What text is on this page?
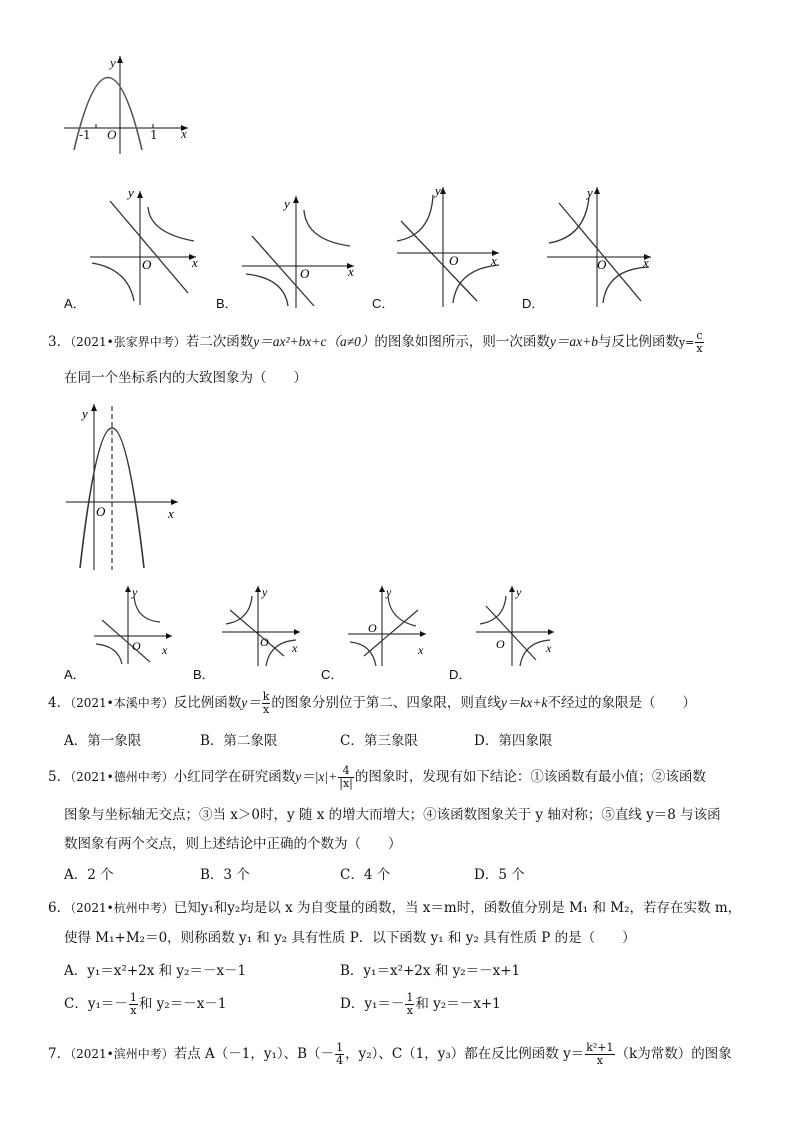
y
x
O
-1	1
y
O	x
y
O	x
y
O	x
y
O	x
A．	B．	C．	D．
3．（2021•张家界中考）若二次函数y＝ax²+bx+c（a≠0）的图象如图所示，则一次函数y＝ax+b与反比例函数$y= \frac{c}{x}$
在同一个坐标系内的大致图象为（　　）
y
O	x
y
O x
y
O x
y
O
x
y
O	x
A．	B．	C．	D．
4．（2021•本溪中考）反比例函数$y= \frac{k}{x}$ 的图象分别位于第二、四象限，则直线y＝kx+k不经过的象限是（　　）
A．第一象限	B．第二象限	C．第三象限	D．第四象限
5．（2021•德州中考）小红同学在研究函数$y=|x|+ \frac{4}{|x|}$ 的图象时，发现有如下结论：①该函数有最小值；②该函数
图象与坐标轴无交点；③当 x＞0时，y 随 x 的增大而增大；④该函数图象关于 y 轴对称；⑤直线 y＝8 与该函
数图象有两个交点，则上述结论中正确的个数为（　　）
A．2 个	B．3 个	C．4 个	D．5 个
6．（2021•杭州中考）已知y₁和y₂均是以 x 为自变量的函数，当 x＝m时，函数值分别是 M₁ 和 M₂，若存在实数 m，
使得 M₁+M₂＝0，则称函数 y₁ 和 y₂ 具有性质 P．以下函数 y₁ 和 y₂ 具有性质 P 的是（　　）
A．y₁＝x²+2x 和 y₂＝－x－1	B．y₁＝x²+2x 和 y₂＝－x+1
C．$y_1=- \frac{1}{x}$ 和 y₂＝－x－1	D．$y_1=- \frac{1}{x}$ 和 y₂＝－x+1
7．（2021•滨州中考）若点 A（－1，y₁）、$B(- \frac{1}{4}$ ，y₂）、C（1，y₃）都在反比例函数 $y= \frac{\text{k²+1}}{x} (k$为常数）的图象
